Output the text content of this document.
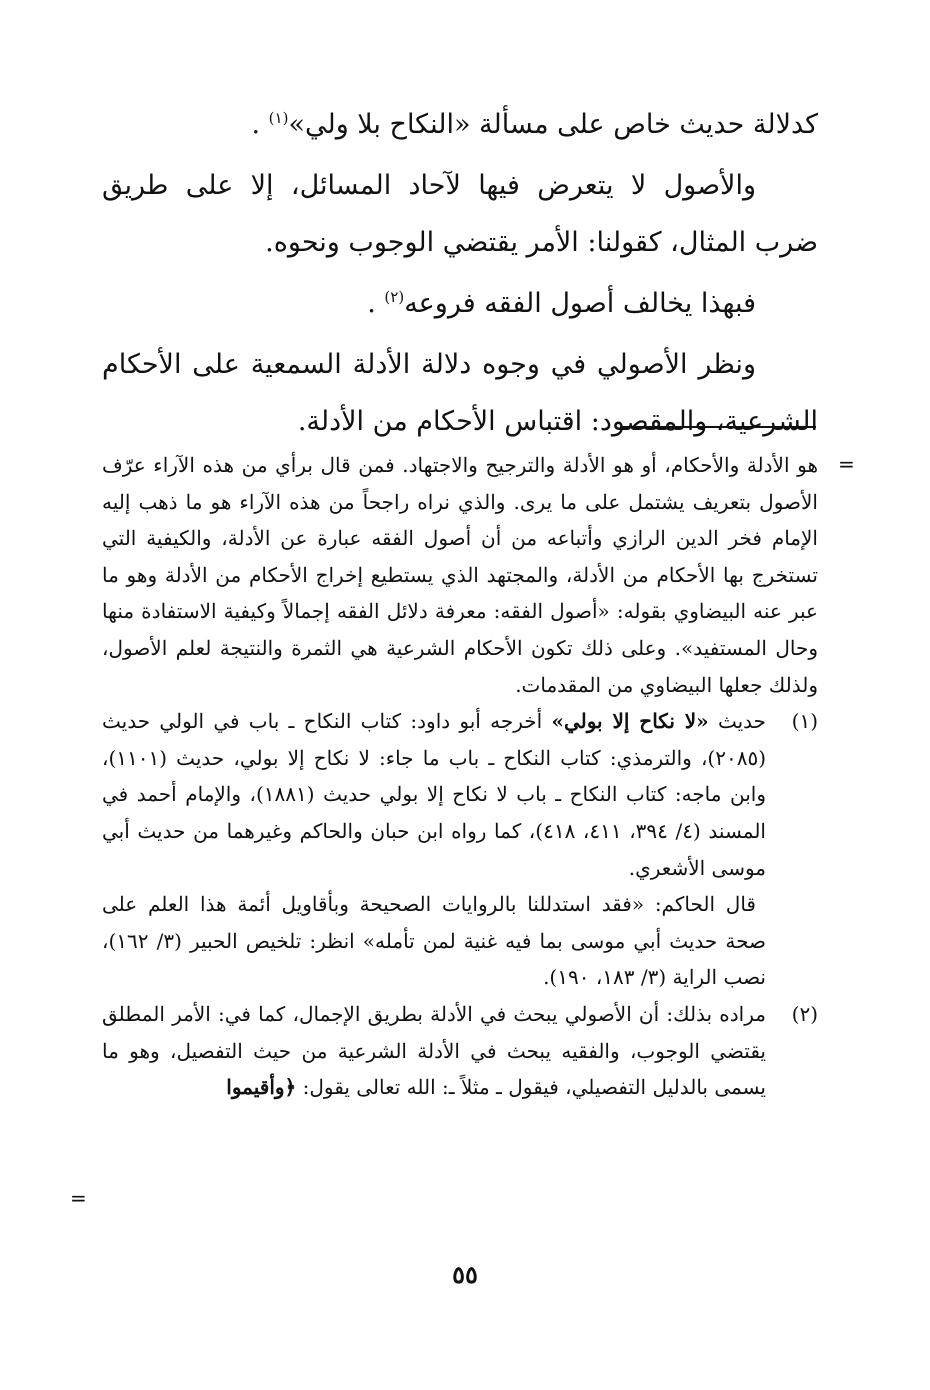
كدلالة حديث خاص على مسألة «النكاح بلا ولي»$^{(١)}$ .

والأصول لا يتعرض فيها لآحاد المسائل، إلا على طريق ضرب المثال، كقولنا: الأمر يقتضي الوجوب ونحوه.

فبهذا يخالف أصول الفقه فروعه$^{(٢)}$ .

ونظر الأصولي في وجوه دلالة الأدلة السمعية على الأحكام الشرعية، والمقصود: اقتباس الأحكام من الأدلة.

=

هو الأدلة والأحكام، أو هو الأدلة والترجيح والاجتهاد. فمن قال برأي من هذه الآراء عرّف الأصول بتعريف يشتمل على ما يرى. والذي نراه راجحاً من هذه الآراء هو ما ذهب إليه الإمام فخر الدين الرازي وأتباعه من أن أصول الفقه عبارة عن الأدلة، والكيفية التي تستخرج بها الأحكام من الأدلة، والمجتهد الذي يستطيع إخراج الأحكام من الأدلة وهو ما عبر عنه البيضاوي بقوله: «أصول الفقه: معرفة دلائل الفقه إجمالاً وكيفية الاستفادة منها وحال المستفيد». وعلى ذلك تكون الأحكام الشرعية هي الثمرة والنتيجة لعلم الأصول، ولذلك جعلها البيضاوي من المقدمات.

(١)

حديث «لا نكاح إلا بولي» أخرجه أبو داود: كتاب النكاح ـ باب في الولي حديث (٢٠٨٥)، والترمذي: كتاب النكاح ـ باب ما جاء: لا نكاح إلا بولي، حديث (١١٠١)، وابن ماجه: كتاب النكاح ـ باب لا نكاح إلا بولي حديث (١٨٨١)، والإمام أحمد في المسند (٤/ ٣٩٤، ٤١١، ٤١٨)، كما رواه ابن حبان والحاكم وغيرهما من حديث أبي موسى الأشعري.

قال الحاكم: «فقد استدللنا بالروايات الصحيحة وبأقاويل أئمة هذا العلم على صحة حديث أبي موسى بما فيه غنية لمن تأمله» انظر: تلخيص الحبير (٣/ ١٦٢)، نصب الراية (٣/ ١٨٣، ١٩٠).

(٢)

مراده بذلك: أن الأصولي يبحث في الأدلة بطريق الإجمال، كما في: الأمر المطلق يقتضي الوجوب، والفقيه يبحث في الأدلة الشرعية من حيث التفصيل، وهو ما يسمى بالدليل التفصيلي، فيقول ـ مثلاً ـ: الله تعالى يقول: ﴿وأقيموا

=
٥٥
